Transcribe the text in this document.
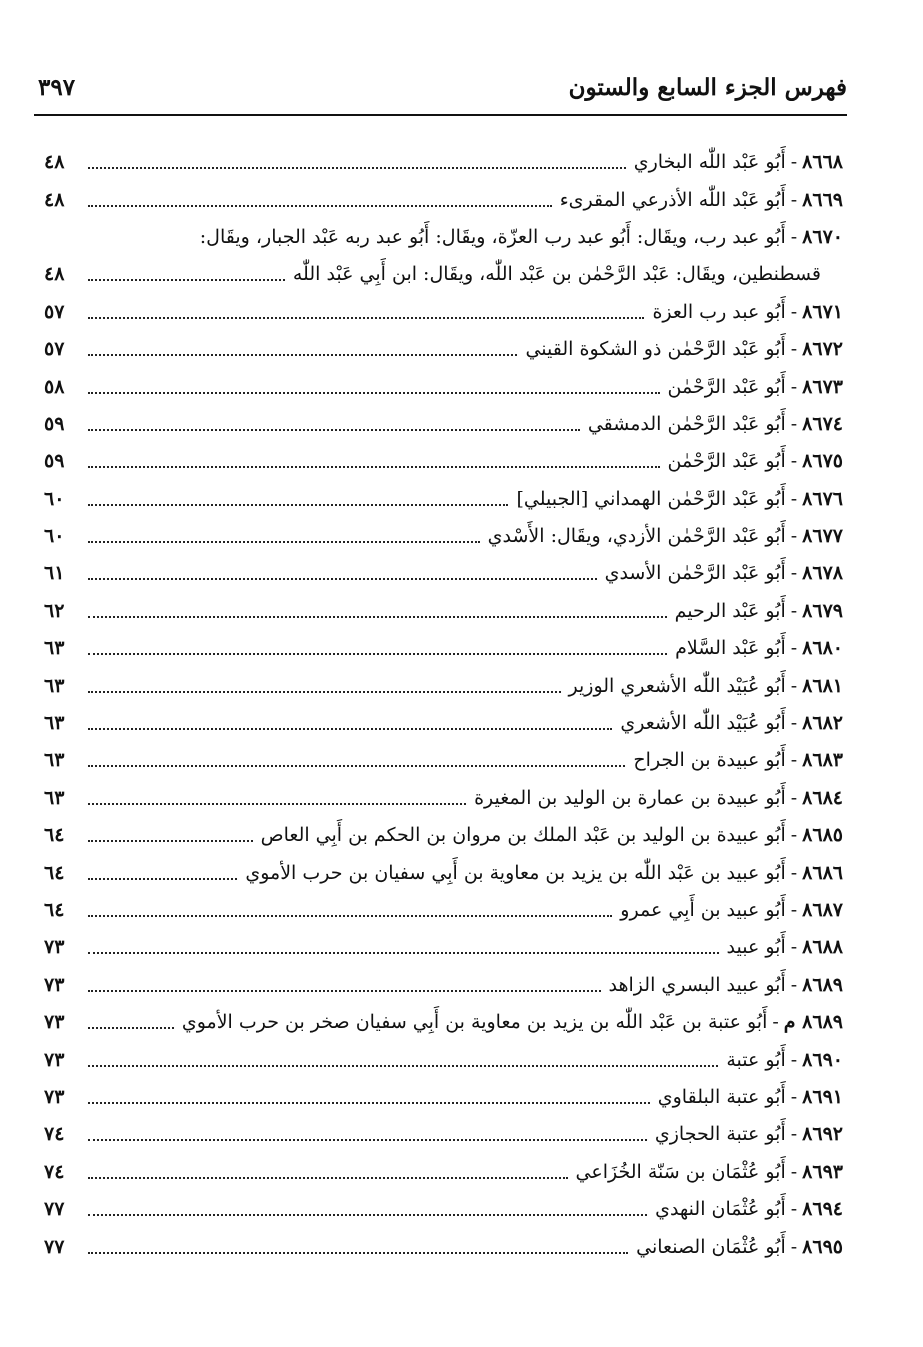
فهرس الجزء السابع والستون
٣٩٧
٨٦٦٨
-
أَبُو عَبْد اللّٰه البخاري
٤٨
٨٦٦٩
-
أَبُو عَبْد اللّٰه الأذرعي المقرىء
٤٨
٨٦٧٠
-
أَبُو عبد رب، ويقَال: أَبُو عبد رب العزّة، ويقَال: أَبُو عبد ربه عَبْد الجبار، ويقَال:
قسطنطين، ويقَال: عَبْد الرَّحْمٰن بن عَبْد اللّٰه، ويقَال: ابن أَبِي عَبْد اللّٰه
٤٨
٨٦٧١
-
أَبُو عبد رب العزة
٥٧
٨٦٧٢
-
أَبُو عَبْد الرَّحْمٰن ذو الشكوة القيني
٥٧
٨٦٧٣
-
أَبُو عَبْد الرَّحْمٰن
٥٨
٨٦٧٤
-
أَبُو عَبْد الرَّحْمٰن الدمشقي
٥٩
٨٦٧٥
-
أَبُو عَبْد الرَّحْمٰن
٥٩
٨٦٧٦
-
أَبُو عَبْد الرَّحْمٰن الهمداني [الجبيلي]
٦٠
٨٦٧٧
-
أَبُو عَبْد الرَّحْمٰن الأزدي، ويقَال: الأَسْدي
٦٠
٨٦٧٨
-
أَبُو عَبْد الرَّحْمٰن الأسدي
٦١
٨٦٧٩
-
أَبُو عَبْد الرحيم
٦٢
٨٦٨٠
-
أَبُو عَبْد السَّلام
٦٣
٨٦٨١
-
أَبُو عُبَيْد اللّٰه الأشعري الوزير
٦٣
٨٦٨٢
-
أَبُو عُبَيْد اللّٰه الأشعري
٦٣
٨٦٨٣
-
أَبُو عبيدة بن الجراح
٦٣
٨٦٨٤
-
أَبُو عبيدة بن عمارة بن الوليد بن المغيرة
٦٣
٨٦٨٥
-
أَبُو عبيدة بن الوليد بن عَبْد الملك بن مروان بن الحكم بن أَبِي العاص
٦٤
٨٦٨٦
-
أَبُو عبيد بن عَبْد اللّٰه بن يزيد بن معاوية بن أَبِي سفيان بن حرب الأموي
٦٤
٨٦٨٧
-
أَبُو عبيد بن أَبِي عمرو
٦٤
٨٦٨٨
-
أَبُو عبيد
٧٣
٨٦٨٩
-
أَبُو عبيد البسري الزاهد
٧٣
٨٦٨٩ م
-
أَبُو عتبة بن عَبْد اللّٰه بن يزيد بن معاوية بن أَبِي سفيان صخر بن حرب الأموي
٧٣
٨٦٩٠
-
أَبُو عتبة
٧٣
٨٦٩١
-
أَبُو عتبة البلقاوي
٧٣
٨٦٩٢
-
أَبُو عتبة الحجازي
٧٤
٨٦٩٣
-
أَبُو عُثْمَان بن سَنّة الخُزَاعي
٧٤
٨٦٩٤
-
أَبُو عُثْمَان النهدي
٧٧
٨٦٩٥
-
أَبُو عُثْمَان الصنعاني
٧٧
